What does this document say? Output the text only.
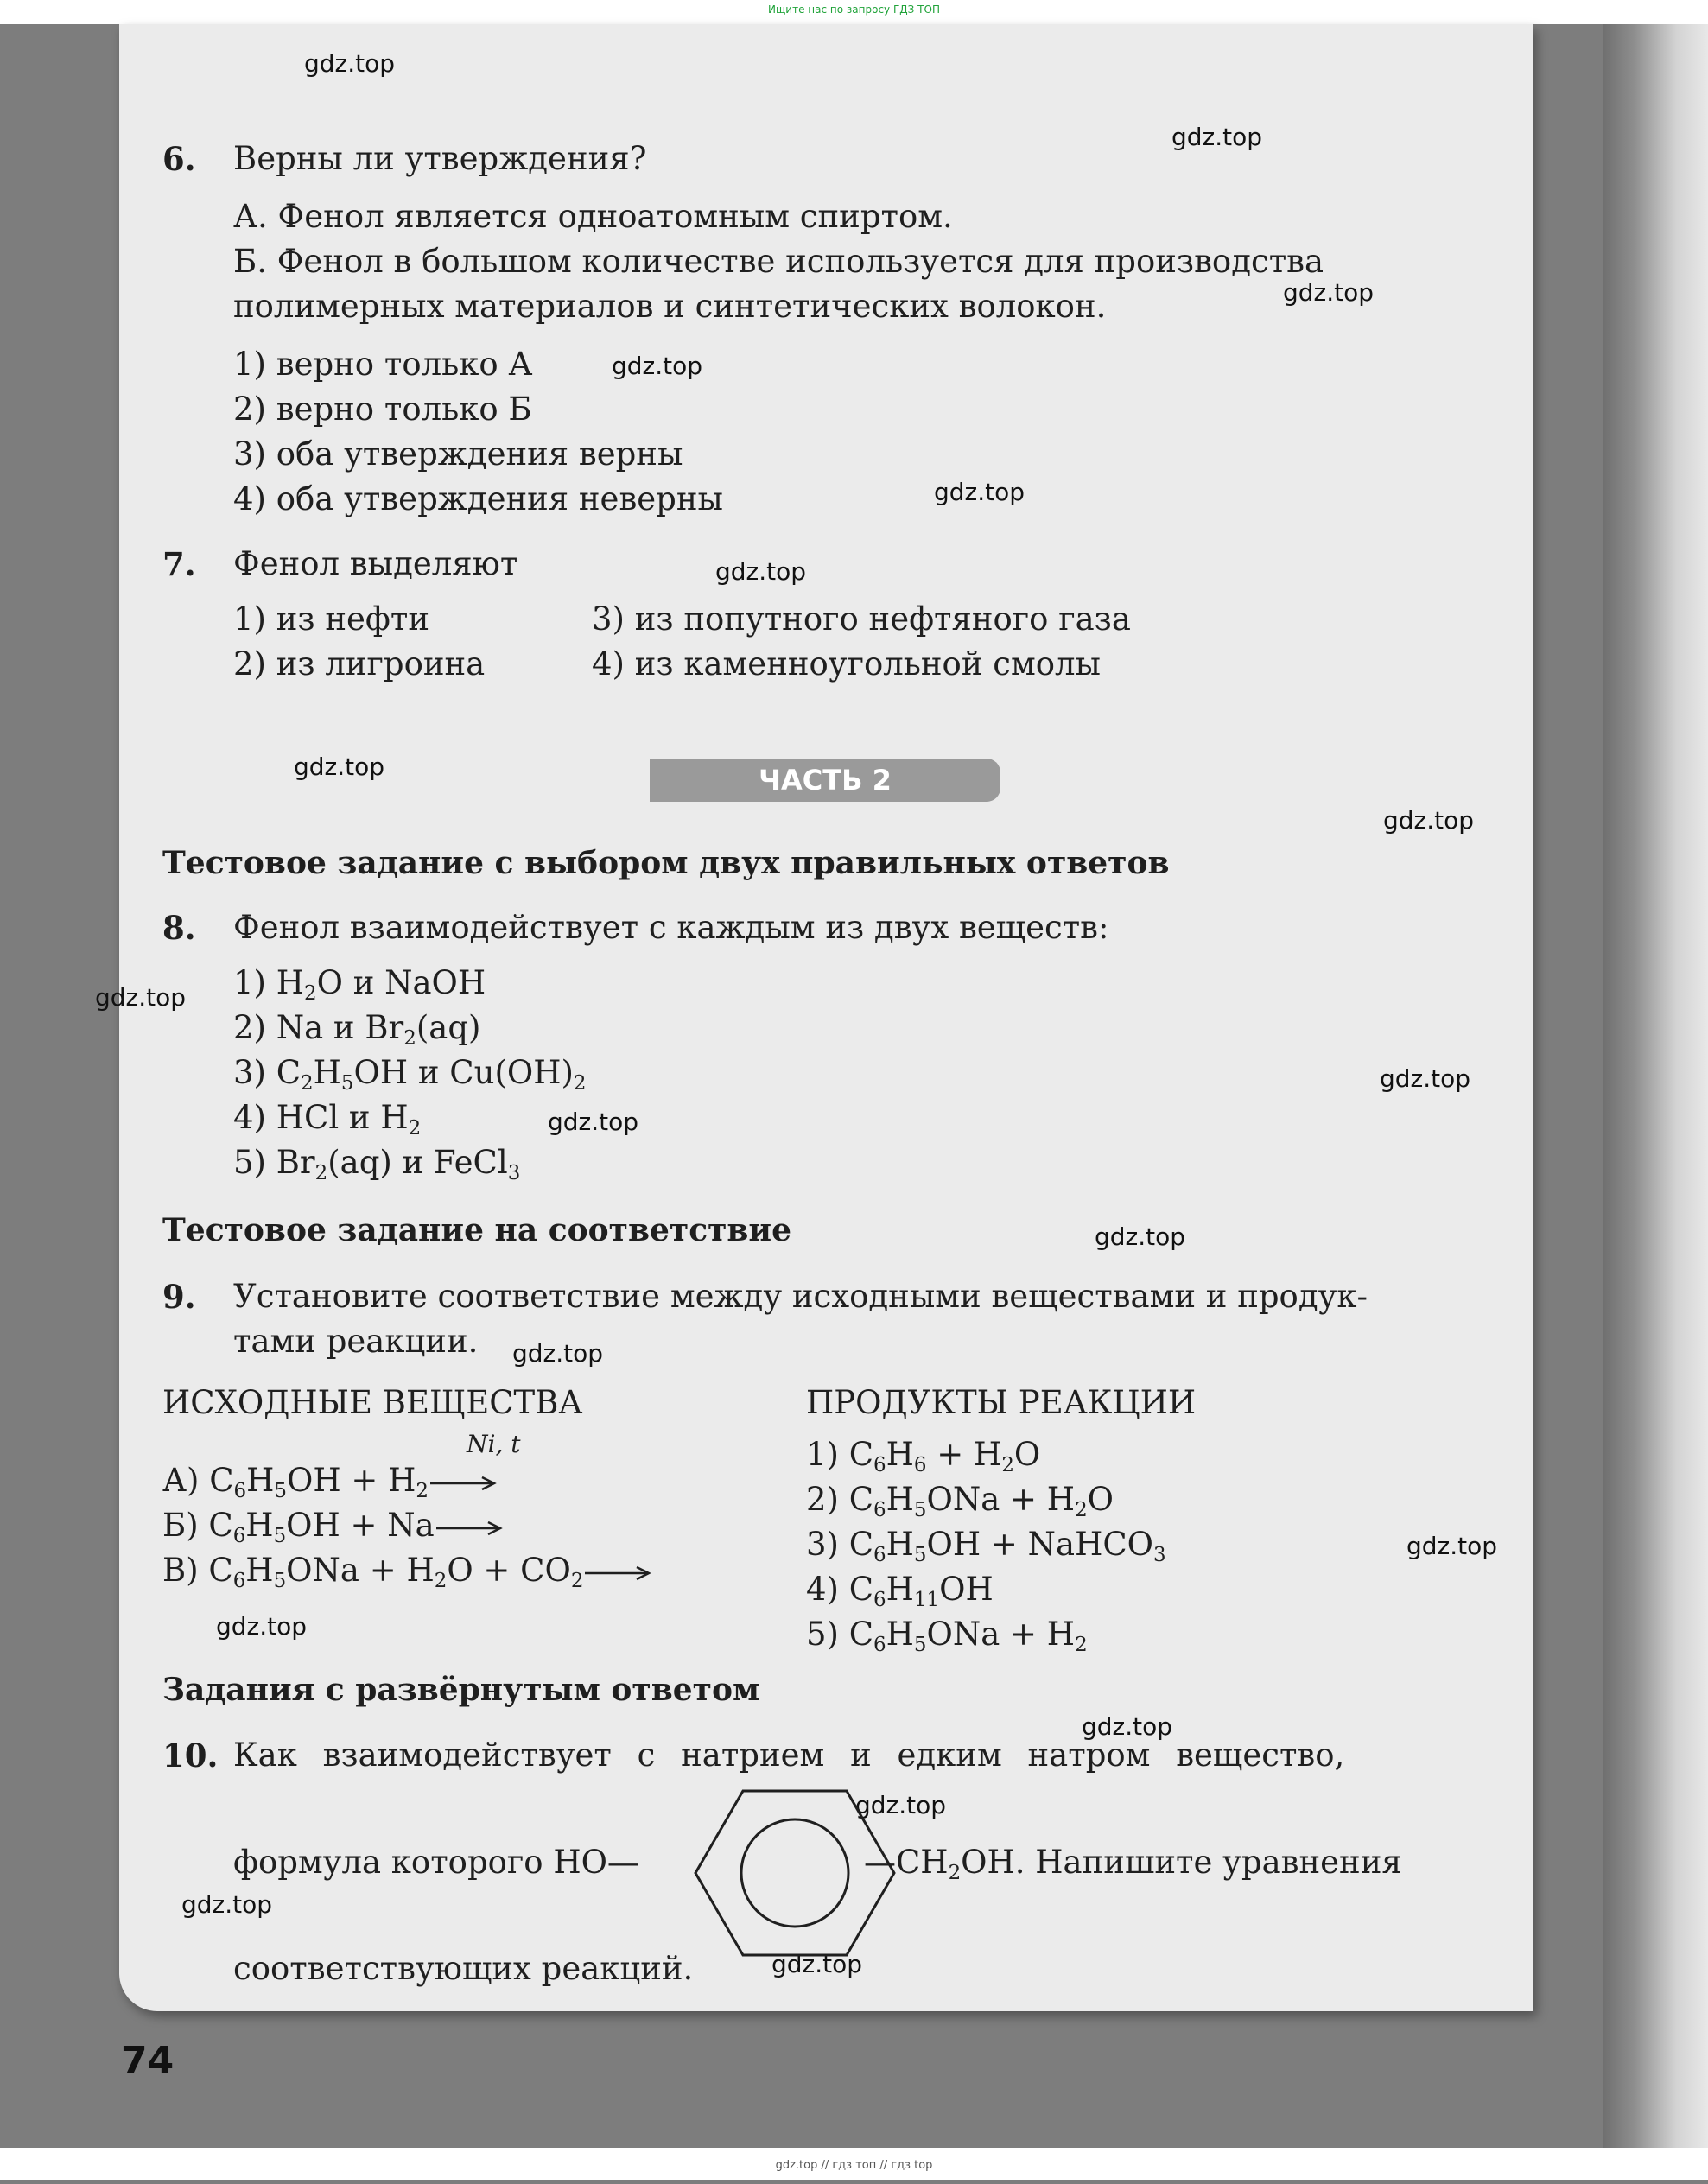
Ищите нас по запросу ГДЗ ТОП
gdz.top
gdz.top
gdz.top
gdz.top
gdz.top
gdz.top
gdz.top
gdz.top
gdz.top
gdz.top
gdz.top
gdz.top
gdz.top
gdz.top
gdz.top
gdz.top
gdz.top
gdz.top
gdz.top
6. Верны ли утверждения?
А. Фенол является одноатомным спиртом.
Б. Фенол в большом количестве используется для производства
полимерных материалов и синтетических волокон.
1) верно только А
2) верно только Б
3) оба утверждения верны
4) оба утверждения неверны
7. Фенол выделяют
1) из нефти	3) из попутного нефтяного газа
2) из лигроина	4) из каменноугольной смолы
ЧАСТЬ 2
Тестовое задание с выбором двух правильных ответов
8. Фенол взаимодействует с каждым из двух веществ:
1) $H_2O$ и NaOH
2) Na и $Br_2(aq)$
3) $C_2H_5OH$ и $Cu(OH)_2$
4) HCl и $H_2$
5) $Br_2(aq)$ и FeCl$_3$
Тестовое задание на соответствие
9. Установите соответствие между исходными веществами и продук-
тами реакции.
ИСХОДНЫЕ ВЕЩЕСТВА	ПРОДУКТЫ РЕАКЦИИ
Ni, t
А) $C_6H_5OH + H_2\to$
Б) $C_6H_5OH + Na\to$
В) $C_6H_5ONa + H_2O + CO_2\to$
1) $C_6H_6 + H_2O$
2) $C_6H_5ONa + H_2O$
3) $C_6H_5OH$ + NaHCO$_3$
4) $C_6H_{11}OH$
5) $C_6H_5ONa + H_2$
Задания с развёрнутым ответом
10. Как взаимодействует с натрием и едким натром вещество,
формула которого HO—	$—CH_2OH$. Напишите уравнения
соответствующих реакций.
74
gdz.top // гдз топ // гдз top
